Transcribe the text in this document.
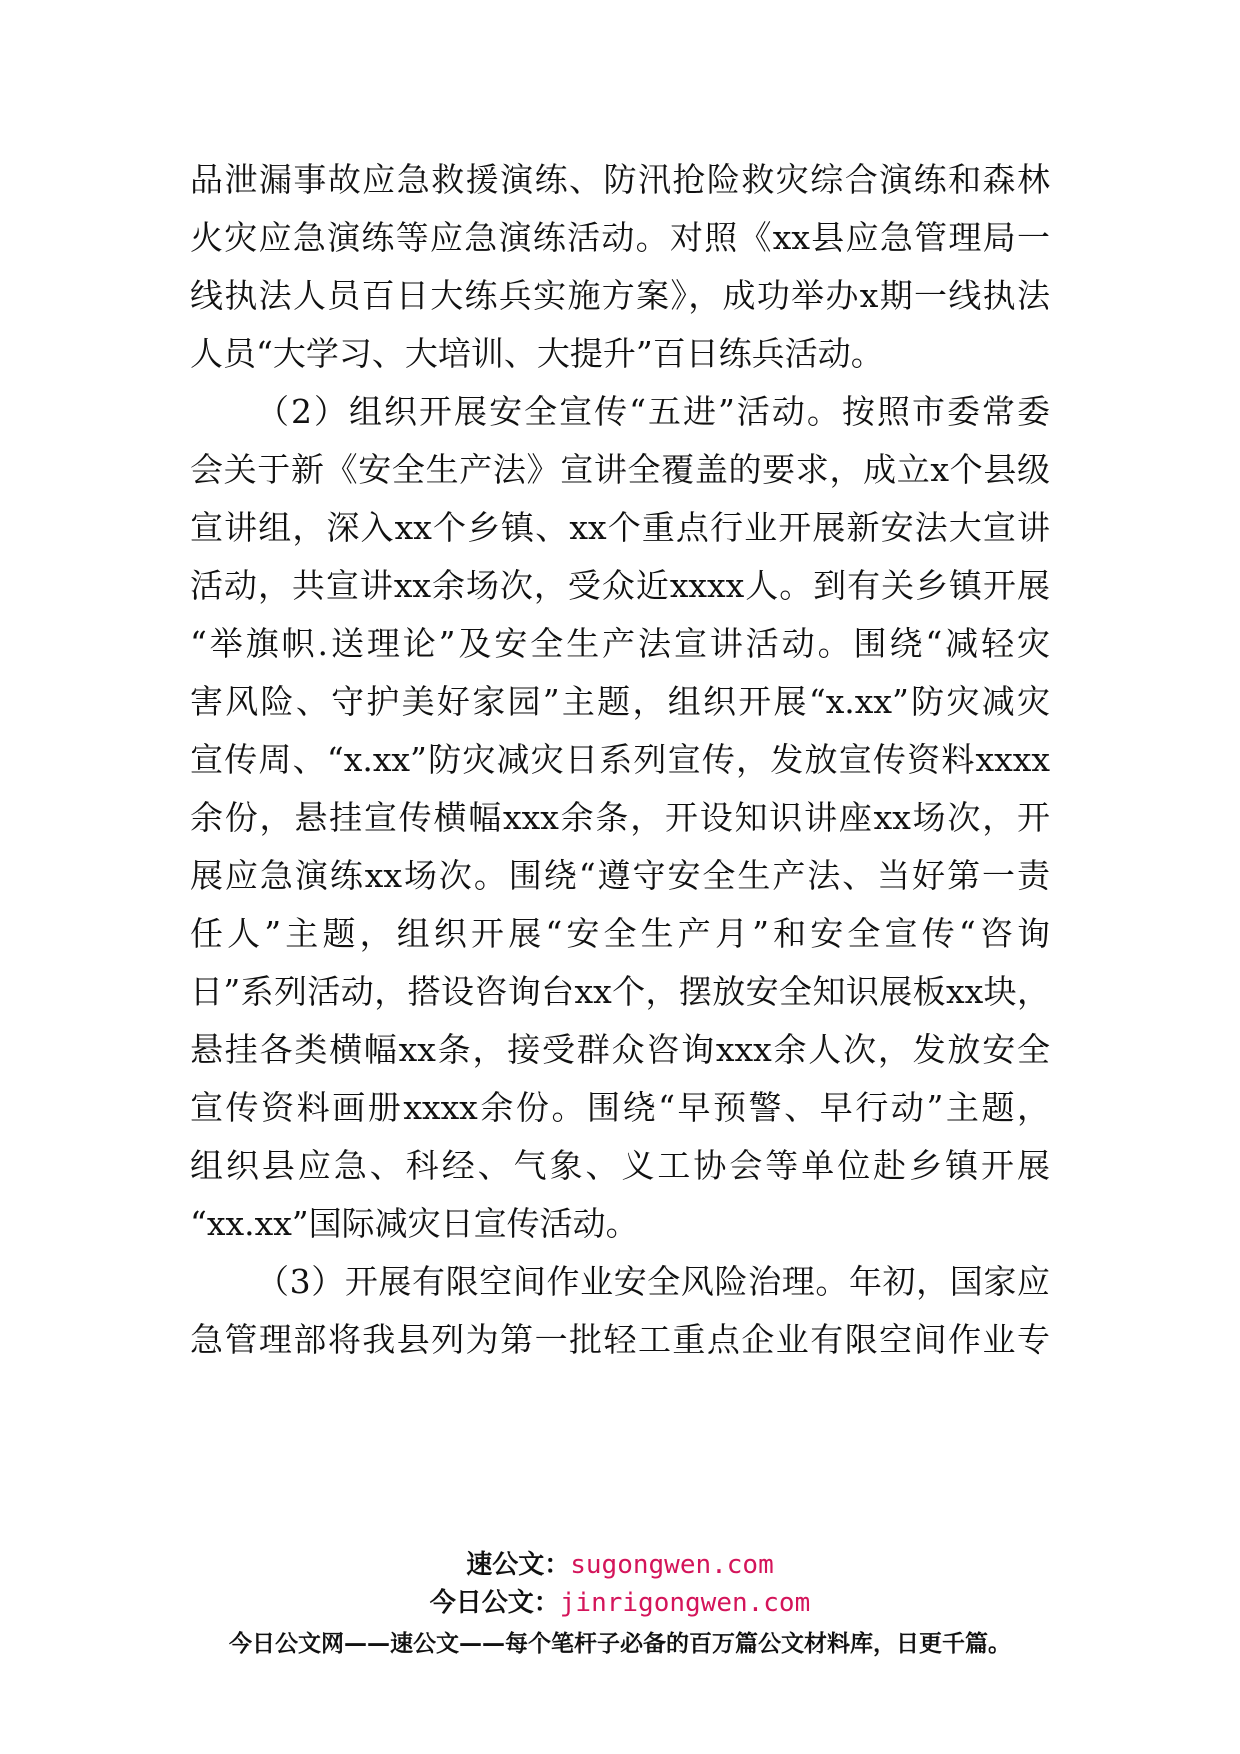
品泄漏事故应急救援演练、防汛抢险救灾综合演练和森林
火灾应急演练等应急演练活动。对照《xx县应急管理局一
线执法人员百日大练兵实施方案》，成功举办x期一线执法
人员“大学习、大培训、大提升”百日练兵活动。
（2）组织开展安全宣传“五进”活动。按照市委常委
会关于新《安全生产法》宣讲全覆盖的要求，成立x个县级
宣讲组，深入xx个乡镇、xx个重点行业开展新安法大宣讲
活动，共宣讲xx余场次，受众近xxxx人。到有关乡镇开展
“举旗帜.送理论”及安全生产法宣讲活动。围绕“减轻灾
害风险、守护美好家园”主题，组织开展“x.xx”防灾减灾
宣传周、“x.xx”防灾减灾日系列宣传，发放宣传资料xxxx
余份，悬挂宣传横幅xxx余条，开设知识讲座xx场次，开
展应急演练xx场次。围绕“遵守安全生产法、当好第一责
任人”主题，组织开展“安全生产月”和安全宣传“咨询
日”系列活动，搭设咨询台xx个，摆放安全知识展板xx块，
悬挂各类横幅xx条，接受群众咨询xxx余人次，发放安全
宣传资料画册xxxx余份。围绕“早预警、早行动”主题，
组织县应急、科经、气象、义工协会等单位赴乡镇开展
“xx.xx”国际减灾日宣传活动。
（3）开展有限空间作业安全风险治理。年初，国家应
急管理部将我县列为第一批轻工重点企业有限空间作业专
速公文：sugongwen.com
今日公文：jinrigongwen.com
今日公文网——速公文——每个笔杆子必备的百万篇公文材料库，日更千篇。
